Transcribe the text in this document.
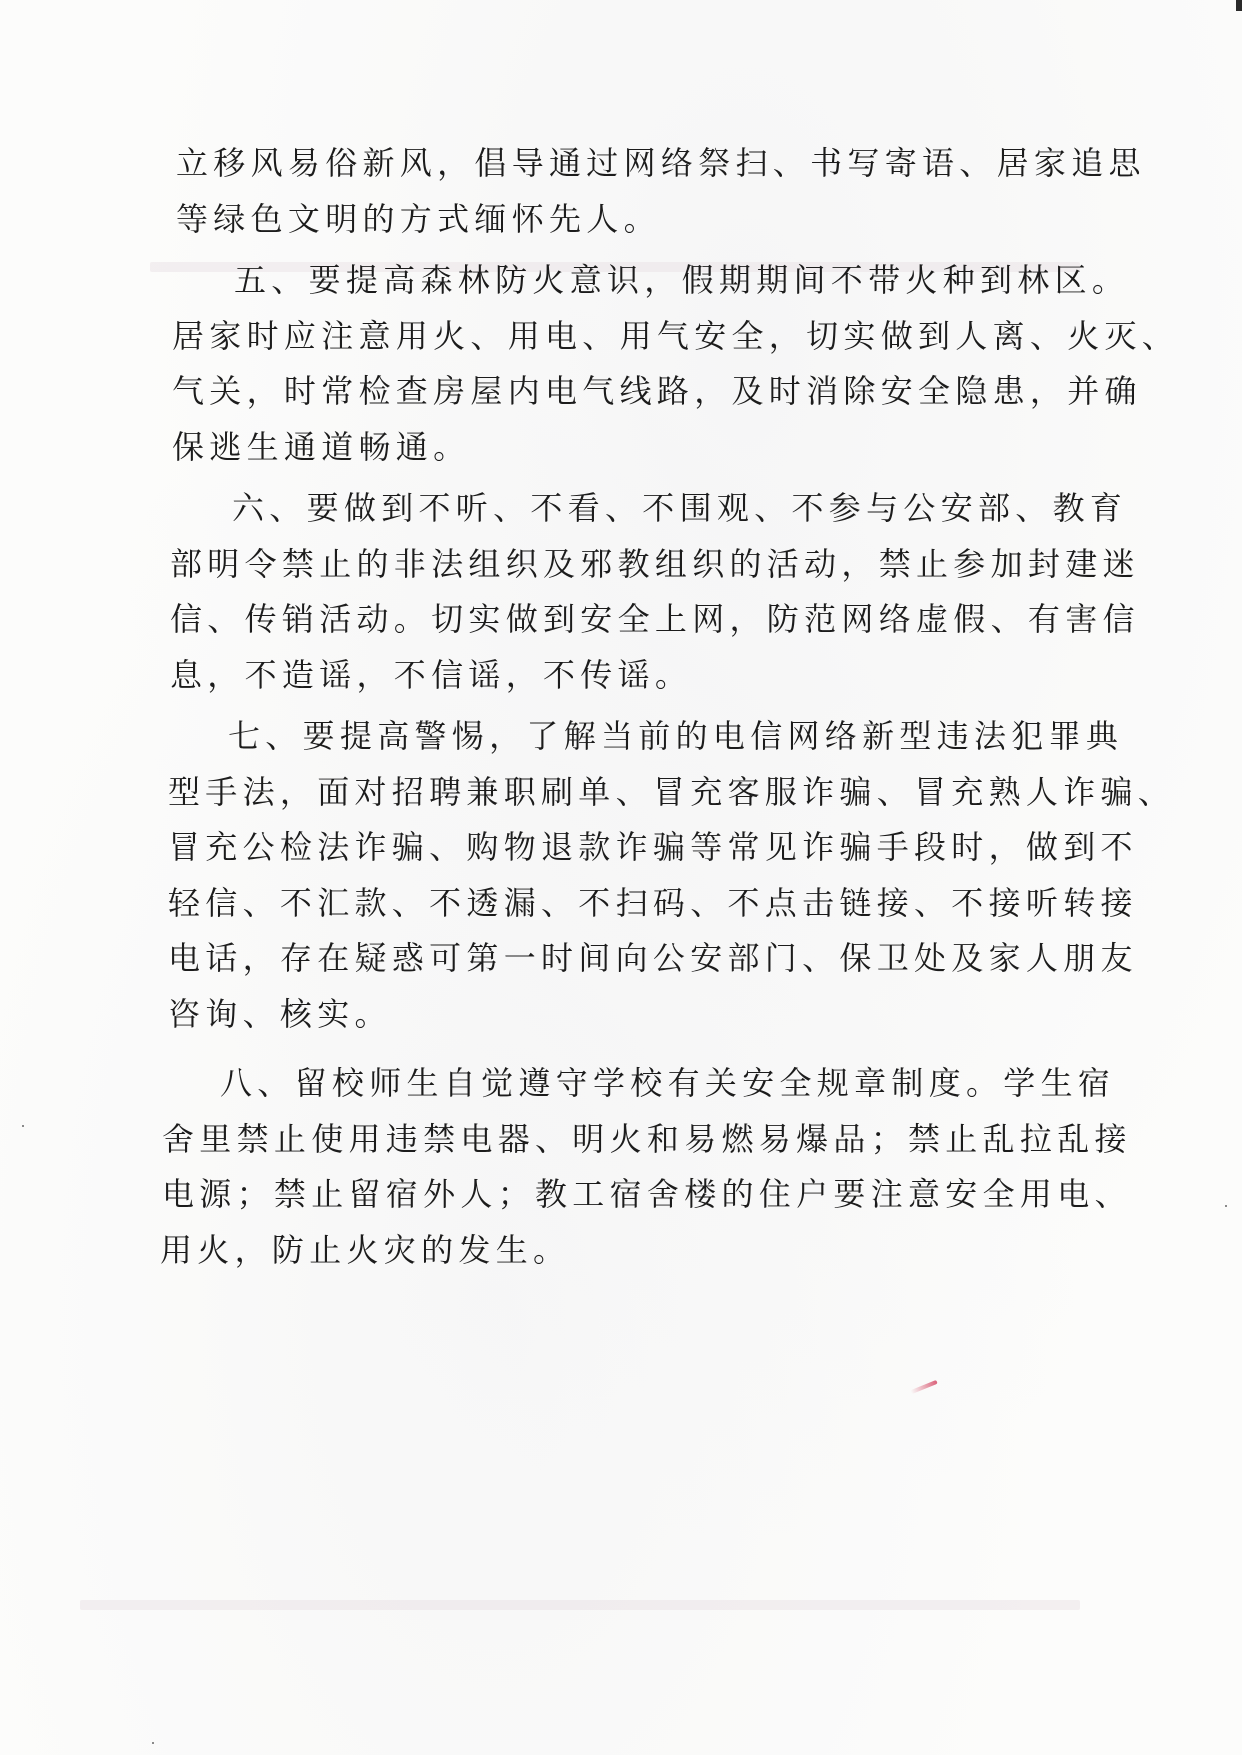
立移风易俗新风，倡导通过网络祭扫、书写寄语、居家追思
等绿色文明的方式缅怀先人。
五、要提高森林防火意识，假期期间不带火种到林区。
居家时应注意用火、用电、用气安全，切实做到人离、火灭、
气关，时常检查房屋内电气线路，及时消除安全隐患，并确
保逃生通道畅通。
六、要做到不听、不看、不围观、不参与公安部、教育
部明令禁止的非法组织及邪教组织的活动，禁止参加封建迷
信、传销活动。切实做到安全上网，防范网络虚假、有害信
息，不造谣，不信谣，不传谣。
七、要提高警惕，了解当前的电信网络新型违法犯罪典
型手法，面对招聘兼职刷单、冒充客服诈骗、冒充熟人诈骗、
冒充公检法诈骗、购物退款诈骗等常见诈骗手段时，做到不
轻信、不汇款、不透漏、不扫码、不点击链接、不接听转接
电话，存在疑惑可第一时间向公安部门、保卫处及家人朋友
咨询、核实。
八、留校师生自觉遵守学校有关安全规章制度。学生宿
舍里禁止使用违禁电器、明火和易燃易爆品；禁止乱拉乱接
电源；禁止留宿外人；教工宿舍楼的住户要注意安全用电、
用火，防止火灾的发生。
